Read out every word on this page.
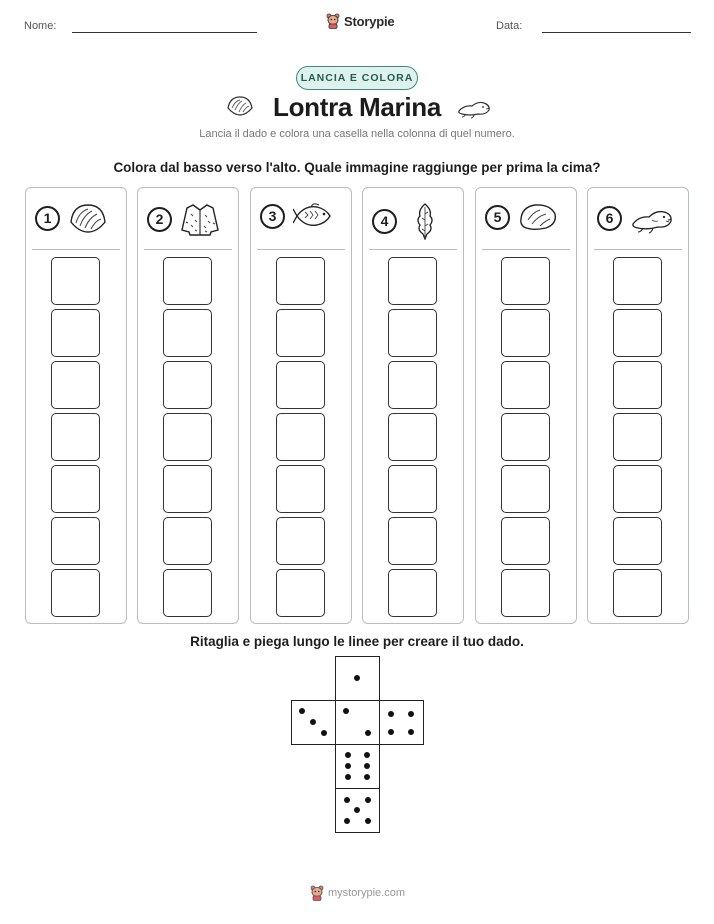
Nome:	Storypie	Data:
LANCIA E COLORA
Lontra Marina
Lancia il dado e colora una casella nella colonna di quel numero.
Colora dal basso verso l'alto. Quale immagine raggiunge per prima la cima?
1	2	3	4	5	6
Ritaglia e piega lungo le linee per creare il tuo dado.
mystorypie.com
